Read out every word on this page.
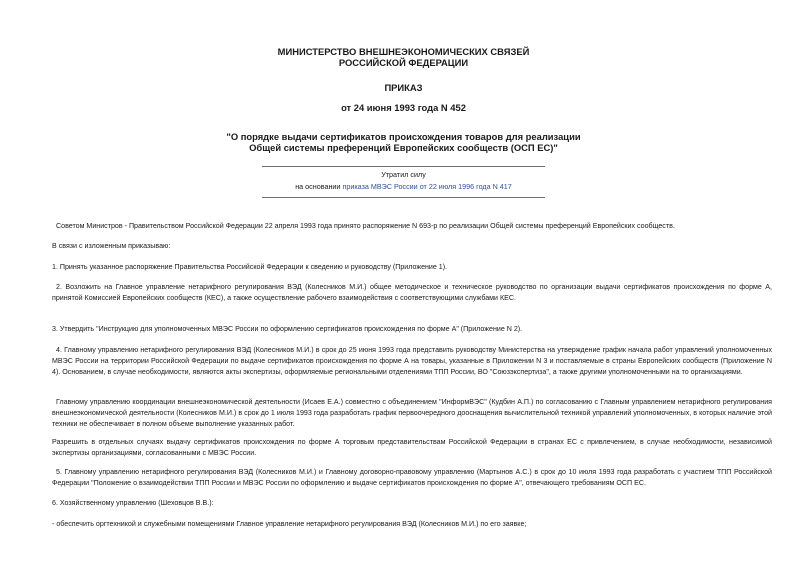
МИНИСТЕРСТВО ВНЕШНЕЭКОНОМИЧЕСКИХ СВЯЗЕЙ
РОССИЙСКОЙ ФЕДЕРАЦИИ
ПРИКАЗ
от 24 июня 1993 года N 452
"О порядке выдачи сертификатов происхождения товаров для реализации
Общей системы преференций Европейских сообществ (ОСП ЕС)"
Утратил силу
на основании приказа МВЭС России от 22 июля 1996 года N 417

Советом Министров - Правительством Российской Федерации 22 апреля 1993 года принято распоряжение N 693-р по реализации Общей системы преференций Европейских сообществ.

В связи с изложенным приказываю:

1. Принять указанное распоряжение Правительства Российской Федерации к сведению и руководству (Приложение 1).

2. Возложить на Главное управление нетарифного регулирования ВЭД (Колесников М.И.) общее методическое и техническое руководство по организации выдачи сертификатов происхождения по форме А, принятой Комиссией Европейских сообществ (КЕС), а также осуществление рабочего взаимодействия с соответствующими службами КЕС.

3. Утвердить "Инструкцию для уполномоченных МВЭС России по оформлению сертификатов происхождения по форме А" (Приложение N 2).

4. Главному управлению нетарифного регулирования ВЭД (Колесников М.И.) в срок до 25 июня 1993 года представить руководству Министерства на утверждение график начала работ управлений уполномоченных МВЭС России на территории Российской Федерации по выдаче сертификатов происхождения по форме А на товары, указанные в Приложении N 3 и поставляемые в страны Европейских сообществ (Приложение N 4). Основанием, в случае необходимости, являются акты экспертизы, оформляемые региональными отделениями ТПП России, ВО "Союзэкспертиза", а также другими уполномоченными на то организациями.

Главному управлению координации внешнеэкономической деятельности (Исаев Е.А.) совместно с объединением "ИнформВЭС" (Кудбин А.П.) по согласованию с Главным управлением нетарифного регулирования внешнеэкономической деятельности (Колесников М.И.) в срок до 1 июля 1993 года разработать график первоочередного дооснащения вычислительной техникой управлений уполномоченных, в которых наличие этой техники не обеспечивает в полном объеме выполнение указанных работ.

Разрешить в отдельных случаях выдачу сертификатов происхождения по форме А торговым представительствам Российской Федерации в странах ЕС с привлечением, в случае необходимости, независимой экспертизы организациями, согласованными с МВЭС России.

5. Главному управлению нетарифного регулирования ВЭД (Колесников М.И.) и Главному договорно-правовому управлению (Мартынов А.С.) в срок до 10 июля 1993 года разработать с участием ТПП Российской Федерации "Положение о взаимодействии ТПП России и МВЭС России по оформлению и выдаче сертификатов происхождения по форме А", отвечающего требованиям ОСП ЕС.

6. Хозяйственному управлению (Шеховцов В.В.):

- обеспечить оргтехникой и служебными помещениями Главное управление нетарифного регулирования ВЭД (Колесников М.И.) по его заявке;
